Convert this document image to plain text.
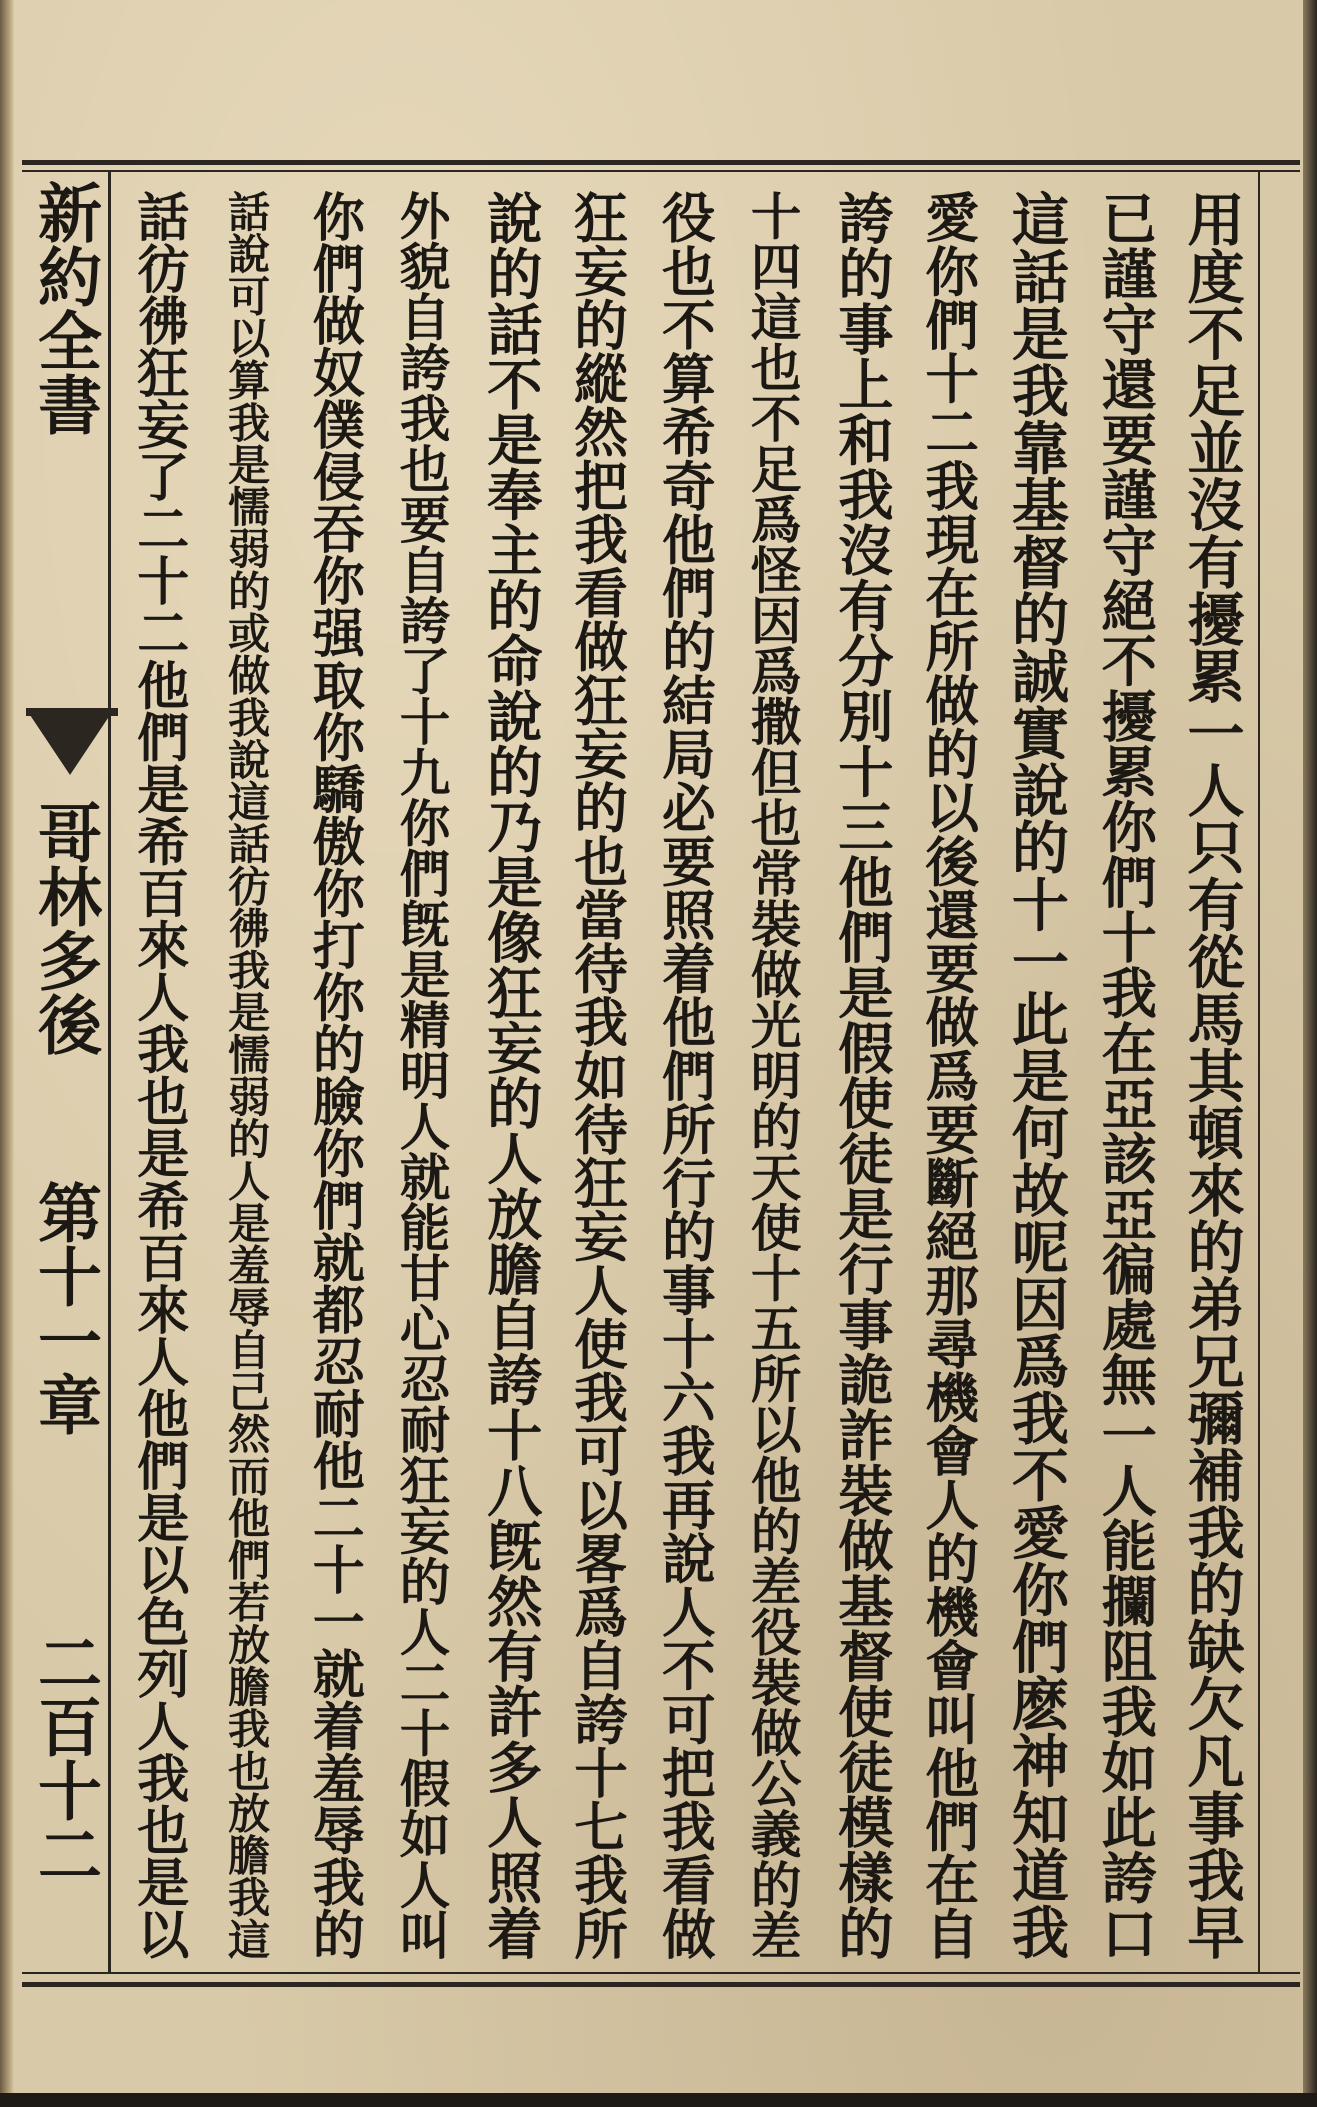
新約全書
哥林多後
第十一章
二百十二	用度不足並沒有擾累一人只有從馬其頓來的弟兄彌補我的缺欠凡事我早
已謹守還要謹守絕不擾累你們十我在亞該亞徧處無一人能攔阻我如此誇口
這話是我靠基督的誠實說的十一此是何故呢因爲我不愛你們麽神知道我
愛你們十二我現在所做的以後還要做爲要斷絕那尋機會人的機會叫他們在自
誇的事上和我沒有分別十三他們是假使徒是行事詭詐裝做基督使徒模樣的
十四這也不足爲怪因爲撒但也常裝做光明的天使十五所以他的差役裝做公義的差
役也不算希奇他們的結局必要照着他們所行的事十六我再說人不可把我看做
狂妄的縱然把我看做狂妄的也當待我如待狂妄人使我可以畧爲自誇十七我所
說的話不是奉主的命說的乃是像狂妄的人放膽自誇十八旣然有許多人照着
外貌自誇我也要自誇了十九你們旣是精明人就能甘心忍耐狂妄的人二十假如人叫
你們做奴僕侵吞你强取你驕傲你打你的臉你們就都忍耐他二十一就着羞辱我的
話說可以算我是懦弱的或做我說這話彷彿我是懦弱的人是羞辱自己然而他們若放膽我也放膽我這
話彷彿狂妄了二十二他們是希百來人我也是希百來人他們是以色列人我也是以
